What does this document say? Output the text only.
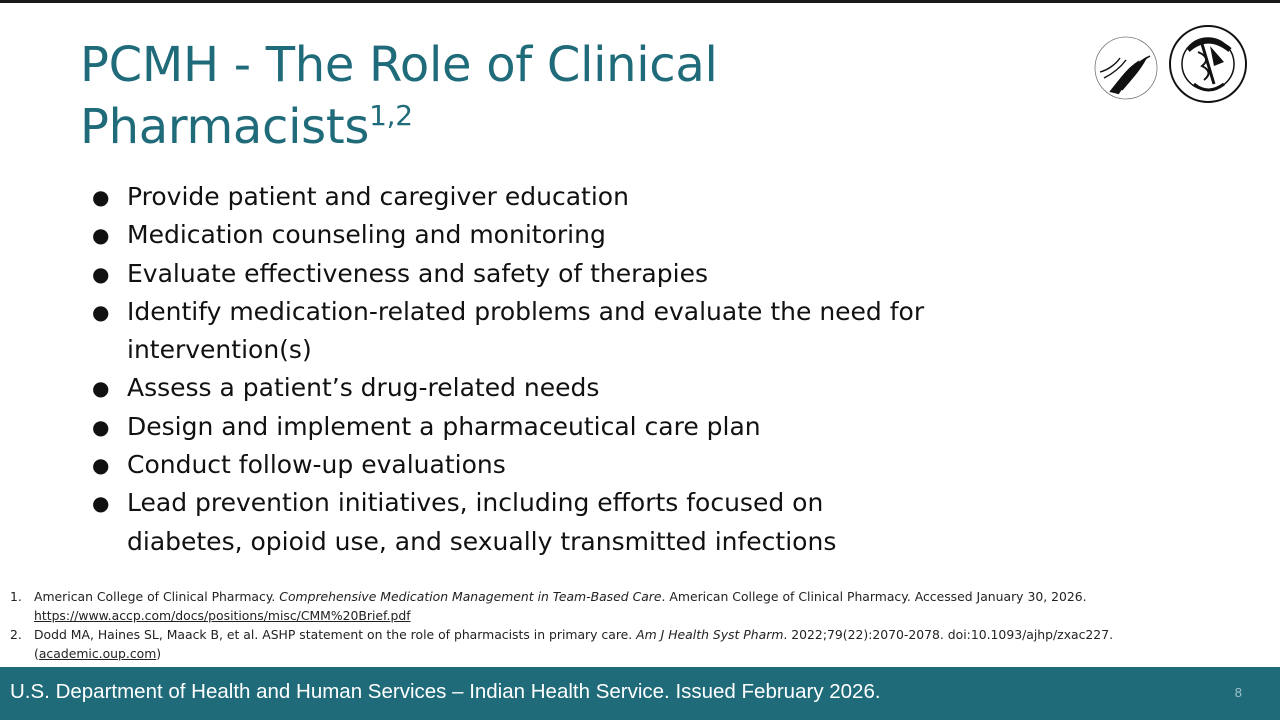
PCMH - The Role of Clinical Pharmacists$^{1,2}$
● Provide patient and caregiver education
● Medication counseling and monitoring
● Evaluate effectiveness and safety of therapies
● Identify medication-related problems and evaluate the need for intervention(s)
● Assess a patient’s drug-related needs
● Design and implement a pharmaceutical care plan
● Conduct follow-up evaluations
● Lead prevention initiatives, including efforts focused on diabetes, opioid use, and sexually transmitted infections
1. American College of Clinical Pharmacy. Comprehensive Medication Management in Team-Based Care. American College of Clinical Pharmacy. Accessed January 30, 2026.
https://www.accp.com/docs/positions/misc/CMM%20Brief.pdf
2. Dodd MA, Haines SL, Maack B, et al. ASHP statement on the role of pharmacists in primary care. Am J Health Syst Pharm. 2022;79(22):2070-2078. doi:10.1093/ajhp/zxac227.
(academic.oup.com)
U.S. Department of Health and Human Services – Indian Health Service. Issued February 2026.	8
